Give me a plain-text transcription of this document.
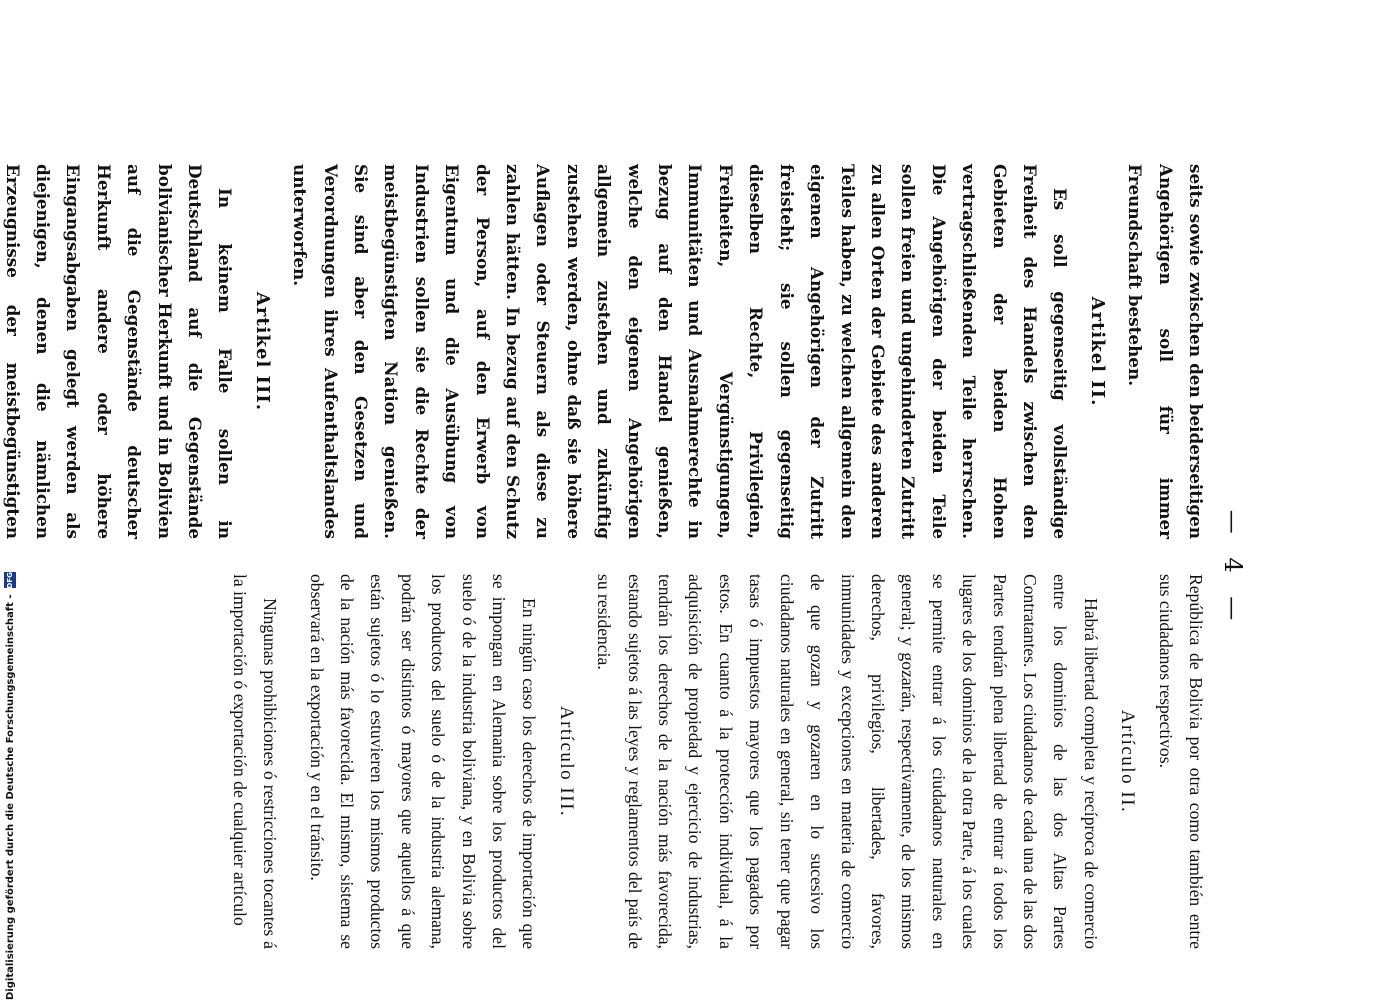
— 4 —

seits sowie zwischen den beiderseitigen Angehörigen soll für immer Freundschaft bestehen.

Artikel II.

Es soll gegenseitig vollständige Freiheit des Handels zwischen den Gebieten der beiden Hohen vertragschließenden Teile herrschen. Die Angehörigen der beiden Teile sollen freien und ungehinderten Zutritt zu allen Orten der Gebiete des anderen Teiles haben, zu welchen allgemein den eigenen Angehörigen der Zutritt freisteht; sie sollen gegenseitig dieselben Rechte, Privilegien, Freiheiten, Vergünstigungen, Immunitäten und Ausnahmerechte in bezug auf den Handel genießen, welche den eigenen Angehörigen allgemein zustehen und zukünftig zustehen werden, ohne daß sie höhere Auflagen oder Steuern als diese zu zahlen hätten. In bezug auf den Schutz der Person, auf den Erwerb von Eigentum und die Ausübung von Industrien sollen sie die Rechte der meistbegünstigten Nation genießen. Sie sind aber den Gesetzen und Verordnungen ihres Aufenthaltslandes unterworfen.

Artikel III.

In keinem Falle sollen in Deutschland auf die Gegenstände bolivianischer Herkunft und in Bolivien auf die Gegenstände deutscher Herkunft andere oder höhere Eingangsabgaben gelegt werden als diejenigen, denen die nämlichen Erzeugnisse der meistbegünstigten

República de Bolivia por otra como también entre sus ciudadanos respectivos.

Artículo II.

Habrá libertad completa y recíproca de comercio entre los dominios de las dos Altas Partes Contratantes. Los ciudadanos de cada una de las dos Partes tendrán plena libertad de entrar á todos los lugares de los dominios de la otra Parte, á los cuales se permite entrar á los ciudadanos naturales en general; y gozarán, respectivamente, de los mismos derechos, privilegios, libertades, favores, inmunidades y excepciones en materia de comercio de que gozan y gozaren en lo sucesivo los ciudadanos naturales en general, sin tener que pagar tasas ó impuestos mayores que los pagados por estos. En cuanto á la protección individual, á la adquisición de propiedad y ejercicio de industrias, tendrán los derechos de la nación más favorecida, estando sujetos á las leyes y reglamentos del país de su residencia.

Artículo III.

En ningún caso los derechos de importación que se impongan en Alemania sobre los productos del suelo ó de la industria boliviana, y en Bolivia sobre los productos del suelo ó de la industria alemana, podrán ser distintos ó mayores que aquellos á que están sujetos ó lo estuvieren los mismos productos de la nación más favorecida. El mismo, sistema se observará en la exportación y en el tránsito.

Ningunas prohibiciones ó restricciones tocantes á la importación ó exportación de cualquier artículo

Digitalisierung gefördert durch die Deutsche Forschungsgemeinschaft -
DFG
